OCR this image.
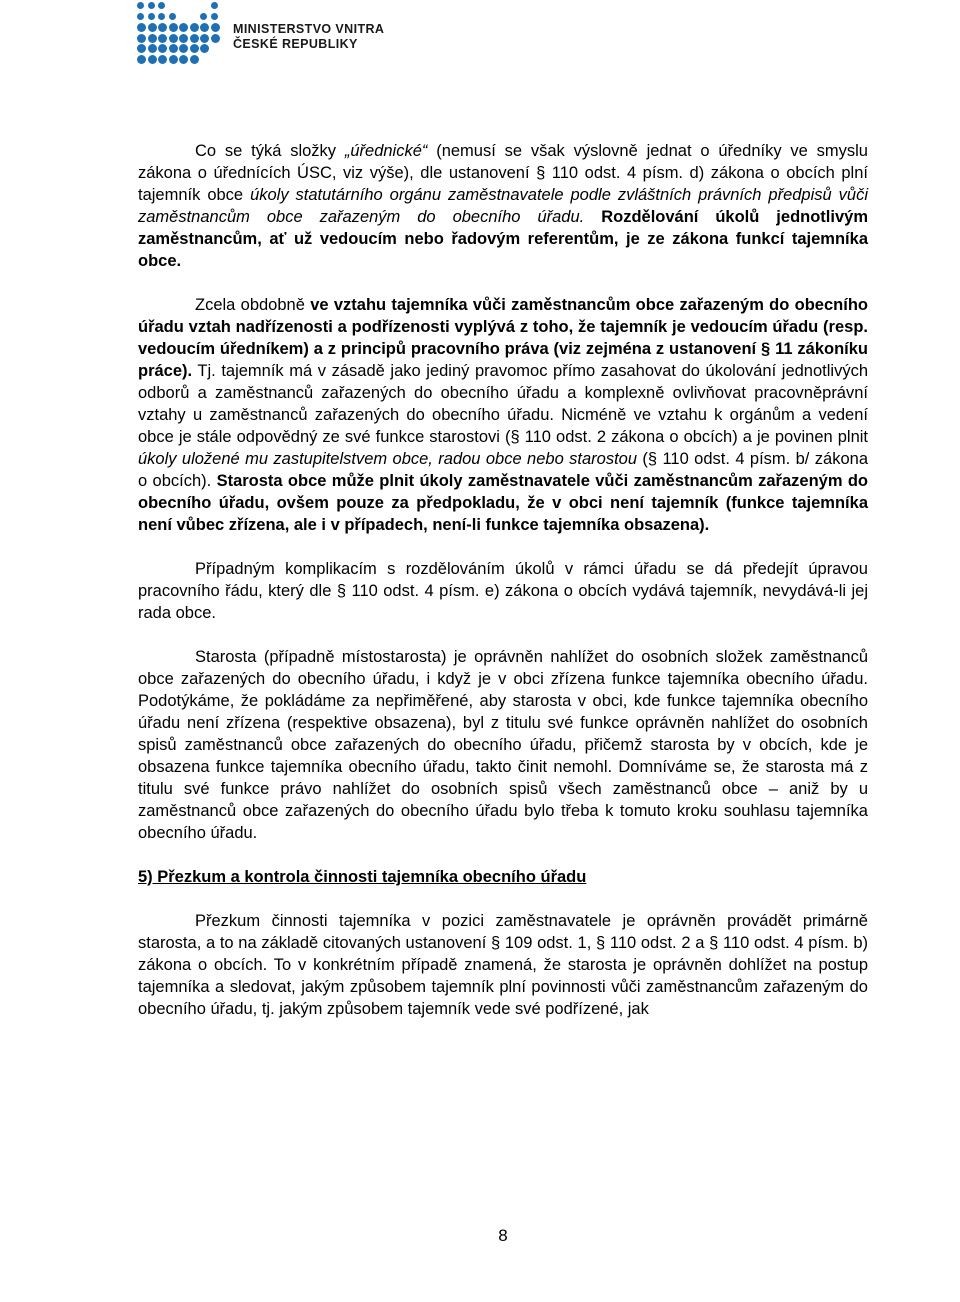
MINISTERSTVO VNITRA
ČESKÉ REPUBLIKY

Co se týká složky „úřednické“ (nemusí se však výslovně jednat o úředníky ve smyslu zákona o úřednících ÚSC, viz výše), dle ustanovení § 110 odst. 4 písm. d) zákona o obcích plní tajemník obce úkoly statutárního orgánu zaměstnavatele podle zvláštních právních předpisů vůči zaměstnancům obce zařazeným do obecního úřadu. Rozdělování úkolů jednotlivým zaměstnancům, ať už vedoucím nebo řadovým referentům, je ze zákona funkcí tajemníka obce.

Zcela obdobně ve vztahu tajemníka vůči zaměstnancům obce zařazeným do obecního úřadu vztah nadřízenosti a podřízenosti vyplývá z toho, že tajemník je vedoucím úřadu (resp. vedoucím úředníkem) a z principů pracovního práva (viz zejména z ustanovení § 11 zákoníku práce). Tj. tajemník má v zásadě jako jediný pravomoc přímo zasahovat do úkolování jednotlivých odborů a zaměstnanců zařazených do obecního úřadu a komplexně ovlivňovat pracovněprávní vztahy u zaměstnanců zařazených do obecního úřadu. Nicméně ve vztahu k orgánům a vedení obce je stále odpovědný ze své funkce starostovi (§ 110 odst. 2 zákona o obcích) a je povinen plnit úkoly uložené mu zastupitelstvem obce, radou obce nebo starostou (§ 110 odst. 4 písm. b/ zákona o obcích). Starosta obce může plnit úkoly zaměstnavatele vůči zaměstnancům zařazeným do obecního úřadu, ovšem pouze za předpokladu, že v obci není tajemník (funkce tajemníka není vůbec zřízena, ale i v případech, není-li funkce tajemníka obsazena).

Případným komplikacím s rozdělováním úkolů v rámci úřadu se dá předejít úpravou pracovního řádu, který dle § 110 odst. 4 písm. e) zákona o obcích vydává tajemník, nevydává-li jej rada obce.

Starosta (případně místostarosta) je oprávněn nahlížet do osobních složek zaměstnanců obce zařazených do obecního úřadu, i když je v obci zřízena funkce tajemníka obecního úřadu. Podotýkáme, že pokládáme za nepřiměřené, aby starosta v obci, kde funkce tajemníka obecního úřadu není zřízena (respektive obsazena), byl z titulu své funkce oprávněn nahlížet do osobních spisů zaměstnanců obce zařazených do obecního úřadu, přičemž starosta by v obcích, kde je obsazena funkce tajemníka obecního úřadu, takto činit nemohl. Domníváme se, že starosta má z titulu své funkce právo nahlížet do osobních spisů všech zaměstnanců obce – aniž by u zaměstnanců obce zařazených do obecního úřadu bylo třeba k tomuto kroku souhlasu tajemníka obecního úřadu.

5) Přezkum a kontrola činnosti tajemníka obecního úřadu

Přezkum činnosti tajemníka v pozici zaměstnavatele je oprávněn provádět primárně starosta, a to na základě citovaných ustanovení § 109 odst. 1, § 110 odst. 2 a § 110 odst. 4 písm. b) zákona o obcích. To v konkrétním případě znamená, že starosta je oprávněn dohlížet na postup tajemníka a sledovat, jakým způsobem tajemník plní povinnosti vůči zaměstnancům zařazeným do obecního úřadu, tj. jakým způsobem tajemník vede své podřízené, jak

8
